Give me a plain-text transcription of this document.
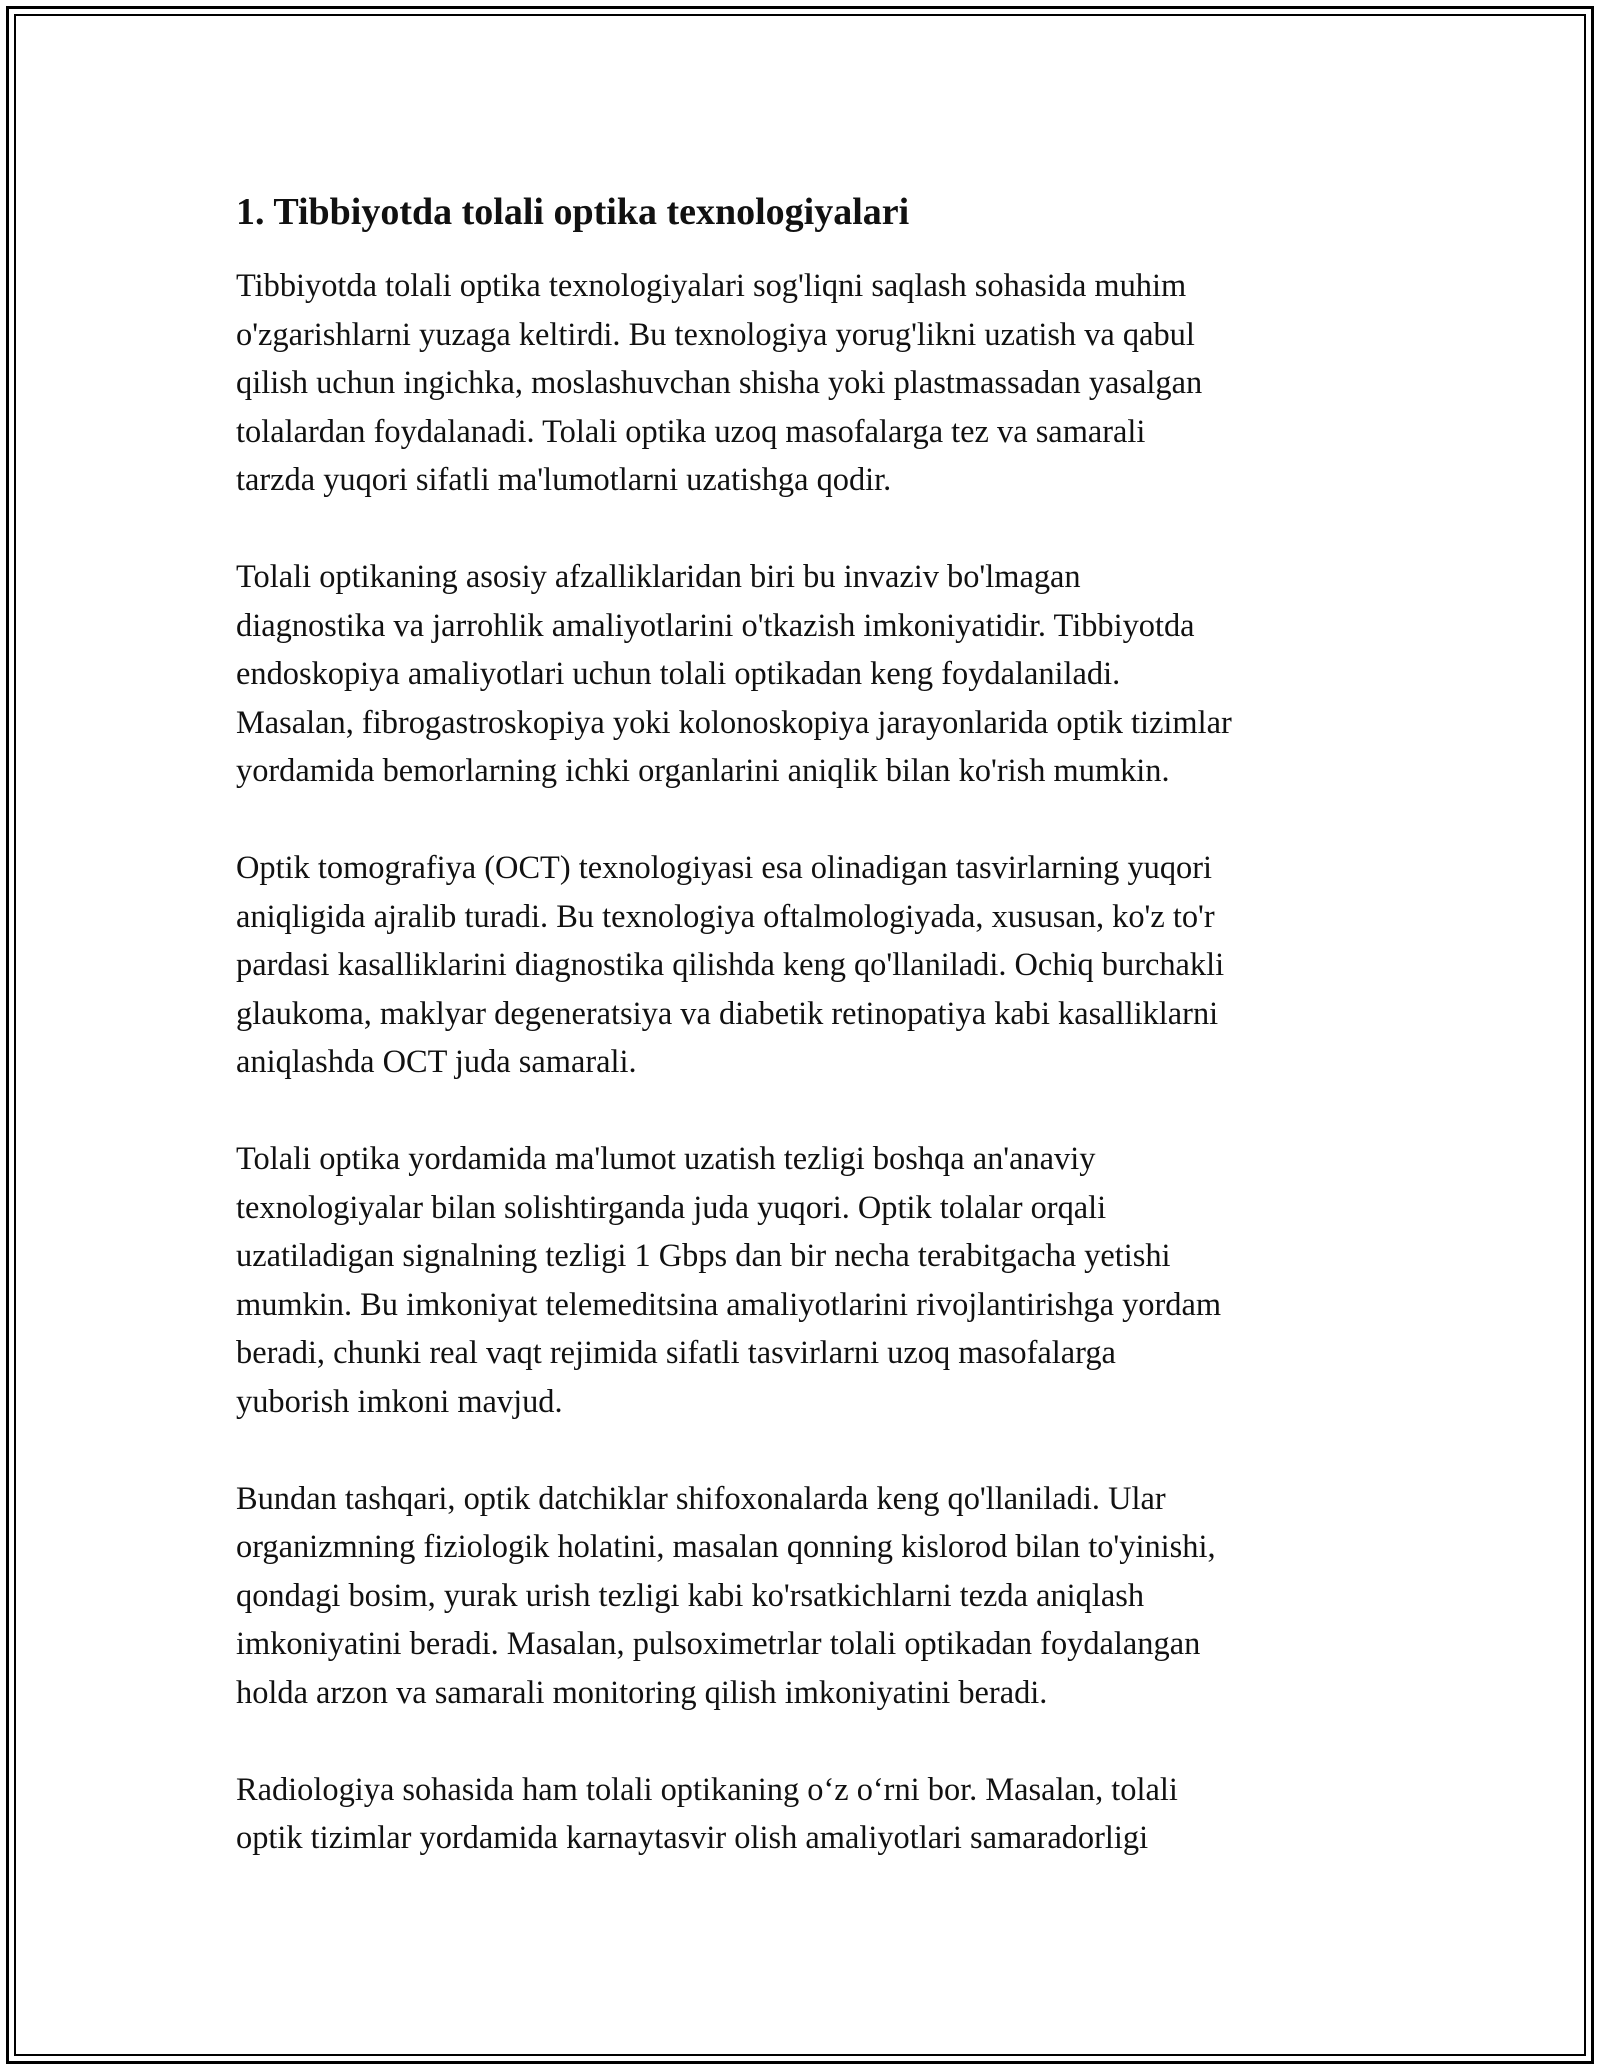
1. Tibbiyotda tolali optika texnologiyalari

Tibbiyotda tolali optika texnologiyalari sog'liqni saqlash sohasida muhim
o'zgarishlarni yuzaga keltirdi. Bu texnologiya yorug'likni uzatish va qabul
qilish uchun ingichka, moslashuvchan shisha yoki plastmassadan yasalgan
tolalardan foydalanadi. Tolali optika uzoq masofalarga tez va samarali
tarzda yuqori sifatli ma'lumotlarni uzatishga qodir.

Tolali optikaning asosiy afzalliklaridan biri bu invaziv bo'lmagan
diagnostika va jarrohlik amaliyotlarini o'tkazish imkoniyatidir. Tibbiyotda
endoskopiya amaliyotlari uchun tolali optikadan keng foydalaniladi.
Masalan, fibrogastroskopiya yoki kolonoskopiya jarayonlarida optik tizimlar
yordamida bemorlarning ichki organlarini aniqlik bilan ko'rish mumkin.

Optik tomografiya (OCT) texnologiyasi esa olinadigan tasvirlarning yuqori
aniqligida ajralib turadi. Bu texnologiya oftalmologiyada, xususan, ko'z to'r
pardasi kasalliklarini diagnostika qilishda keng qo'llaniladi. Ochiq burchakli
glaukoma, maklyar degeneratsiya va diabetik retinopatiya kabi kasalliklarni
aniqlashda OCT juda samarali.

Tolali optika yordamida ma'lumot uzatish tezligi boshqa an'anaviy
texnologiyalar bilan solishtirganda juda yuqori. Optik tolalar orqali
uzatiladigan signalning tezligi 1 Gbps dan bir necha terabitgacha yetishi
mumkin. Bu imkoniyat telemeditsina amaliyotlarini rivojlantirishga yordam
beradi, chunki real vaqt rejimida sifatli tasvirlarni uzoq masofalarga
yuborish imkoni mavjud.

Bundan tashqari, optik datchiklar shifoxonalarda keng qo'llaniladi. Ular
organizmning fiziologik holatini, masalan qonning kislorod bilan to'yinishi,
qondagi bosim, yurak urish tezligi kabi ko'rsatkichlarni tezda aniqlash
imkoniyatini beradi. Masalan, pulsoximetrlar tolali optikadan foydalangan
holda arzon va samarali monitoring qilish imkoniyatini beradi.

Radiologiya sohasida ham tolali optikaning o‘z o‘rni bor. Masalan, tolali
optik tizimlar yordamida karnaytasvir olish amaliyotlari samaradorligi
